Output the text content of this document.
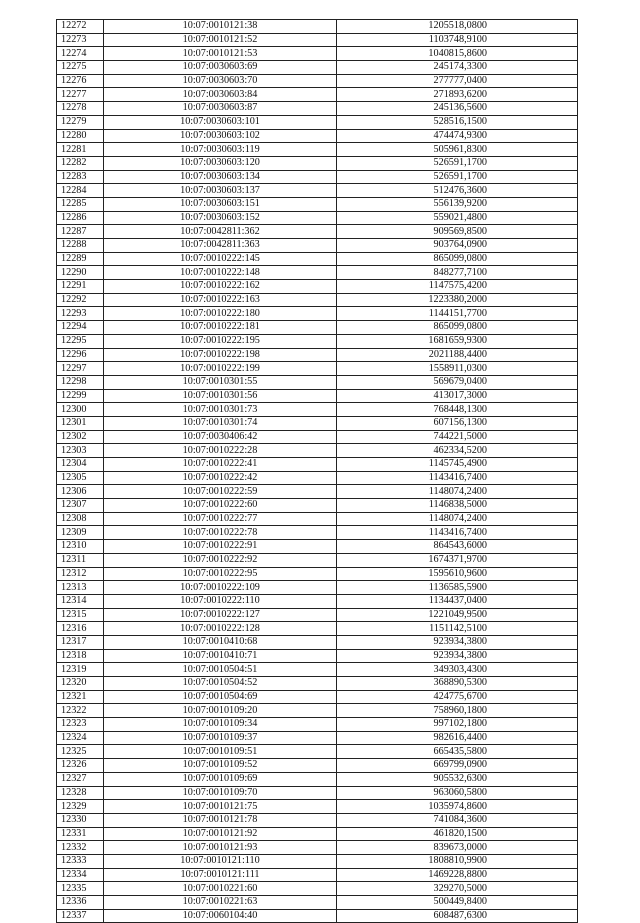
12272	10:07:0010121:38	1205518,0800
12273	10:07:0010121:52	1103748,9100
12274	10:07:0010121:53	1040815,8600
12275	10:07:0030603:69	245174,3300
12276	10:07:0030603:70	277777,0400
12277	10:07:0030603:84	271893,6200
12278	10:07:0030603:87	245136,5600
12279	10:07:0030603:101	528516,1500
12280	10:07:0030603:102	474474,9300
12281	10:07:0030603:119	505961,8300
12282	10:07:0030603:120	526591,1700
12283	10:07:0030603:134	526591,1700
12284	10:07:0030603:137	512476,3600
12285	10:07:0030603:151	556139,9200
12286	10:07:0030603:152	559021,4800
12287	10:07:0042811:362	909569,8500
12288	10:07:0042811:363	903764,0900
12289	10:07:0010222:145	865099,0800
12290	10:07:0010222:148	848277,7100
12291	10:07:0010222:162	1147575,4200
12292	10:07:0010222:163	1223380,2000
12293	10:07:0010222:180	1144151,7700
12294	10:07:0010222:181	865099,0800
12295	10:07:0010222:195	1681659,9300
12296	10:07:0010222:198	2021188,4400
12297	10:07:0010222:199	1558911,0300
12298	10:07:0010301:55	569679,0400
12299	10:07:0010301:56	413017,3000
12300	10:07:0010301:73	768448,1300
12301	10:07:0010301:74	607156,1300
12302	10:07:0030406:42	744221,5000
12303	10:07:0010222:28	462334,5200
12304	10:07:0010222:41	1145745,4900
12305	10:07:0010222:42	1143416,7400
12306	10:07:0010222:59	1148074,2400
12307	10:07:0010222:60	1146838,5000
12308	10:07:0010222:77	1148074,2400
12309	10:07:0010222:78	1143416,7400
12310	10:07:0010222:91	864543,6000
12311	10:07:0010222:92	1674371,9700
12312	10:07:0010222:95	1595610,9600
12313	10:07:0010222:109	1136585,5900
12314	10:07:0010222:110	1134437,0400
12315	10:07:0010222:127	1221049,9500
12316	10:07:0010222:128	1151142,5100
12317	10:07:0010410:68	923934,3800
12318	10:07:0010410:71	923934,3800
12319	10:07:0010504:51	349303,4300
12320	10:07:0010504:52	368890,5300
12321	10:07:0010504:69	424775,6700
12322	10:07:0010109:20	758960,1800
12323	10:07:0010109:34	997102,1800
12324	10:07:0010109:37	982616,4400
12325	10:07:0010109:51	665435,5800
12326	10:07:0010109:52	669799,0900
12327	10:07:0010109:69	905532,6300
12328	10:07:0010109:70	963060,5800
12329	10:07:0010121:75	1035974,8600
12330	10:07:0010121:78	741084,3600
12331	10:07:0010121:92	461820,1500
12332	10:07:0010121:93	839673,0000
12333	10:07:0010121:110	1808810,9900
12334	10:07:0010121:111	1469228,8800
12335	10:07:0010221:60	329270,5000
12336	10:07:0010221:63	500449,8400
12337	10:07:0060104:40	608487,6300
